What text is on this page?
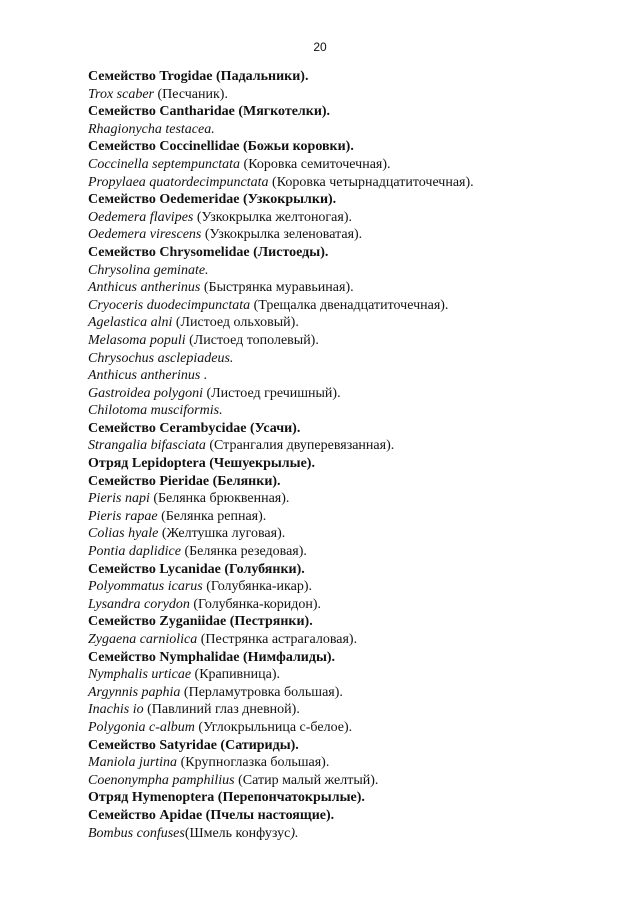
20
Семейство Trogidae (Падальники).
Trox scaber (Песчаник).
Семейство Cantharidae (Мягкотелки).
Rhagionycha testacea.
Семейство Coccinellidae (Божьи коровки).
Coccinella septempunctata (Коровка семиточечная).
Propylaea quatordecimpunctata (Коровка четырнадцатиточечная).
Семейство Oedemeridae (Узкокрылки).
Oedemera flavipes (Узкокрылка желтоногая).
Oedemera virescens (Узкокрылка зеленоватая).
Семейство Chrysomelidae (Листоеды).
Chrysolina geminate.
Anthicus antherinus (Быстрянка муравьиная).
Cryoceris duodecimpunctata (Трещалка двенадцатиточечная).
Agelastica alni (Листоед ольховый).
Melasoma populi (Листоед тополевый).
Chrysochus asclepiadeus.
Anthicus antherinus .
Gastroidea polygoni (Листоед гречишный).
Chilotoma musciformis.
Семейство Cerambycidae (Усачи).
Strangalia bifasciata (Странгалия двуперевязанная).
Отряд Lepidoptera (Чешуекрылые).
Семейство Pieridae (Белянки).
Pieris napi (Белянка брюквенная).
Pieris rapae (Белянка репная).
Colias hyale (Желтушка луговая).
Pontia daplidice (Белянка резедовая).
Семейство Lycanidae (Голубянки).
Polyommatus icarus (Голубянка-икар).
Lysandra corydon (Голубянка-коридон).
Семейство Zyganiidae (Пестрянки).
Zygaena carniolica (Пестрянка астрагаловая).
Семейство Nymphalidae (Нимфалиды).
Nymphalis urticae (Крапивница).
Argynnis paphia (Перламутровка большая).
Inachis io (Павлиний глаз дневной).
Polygonia c-album (Углокрыльница с-белое).
Семейство Satyridae (Сатириды).
Maniola jurtina (Крупноглазка большая).
Coenonympha pamphilius (Сатир малый желтый).
Отряд Hymenoptera (Перепончатокрылые).
Семейство Apidae (Пчелы настоящие).
Bombus confuses(Шмель конфузус).
